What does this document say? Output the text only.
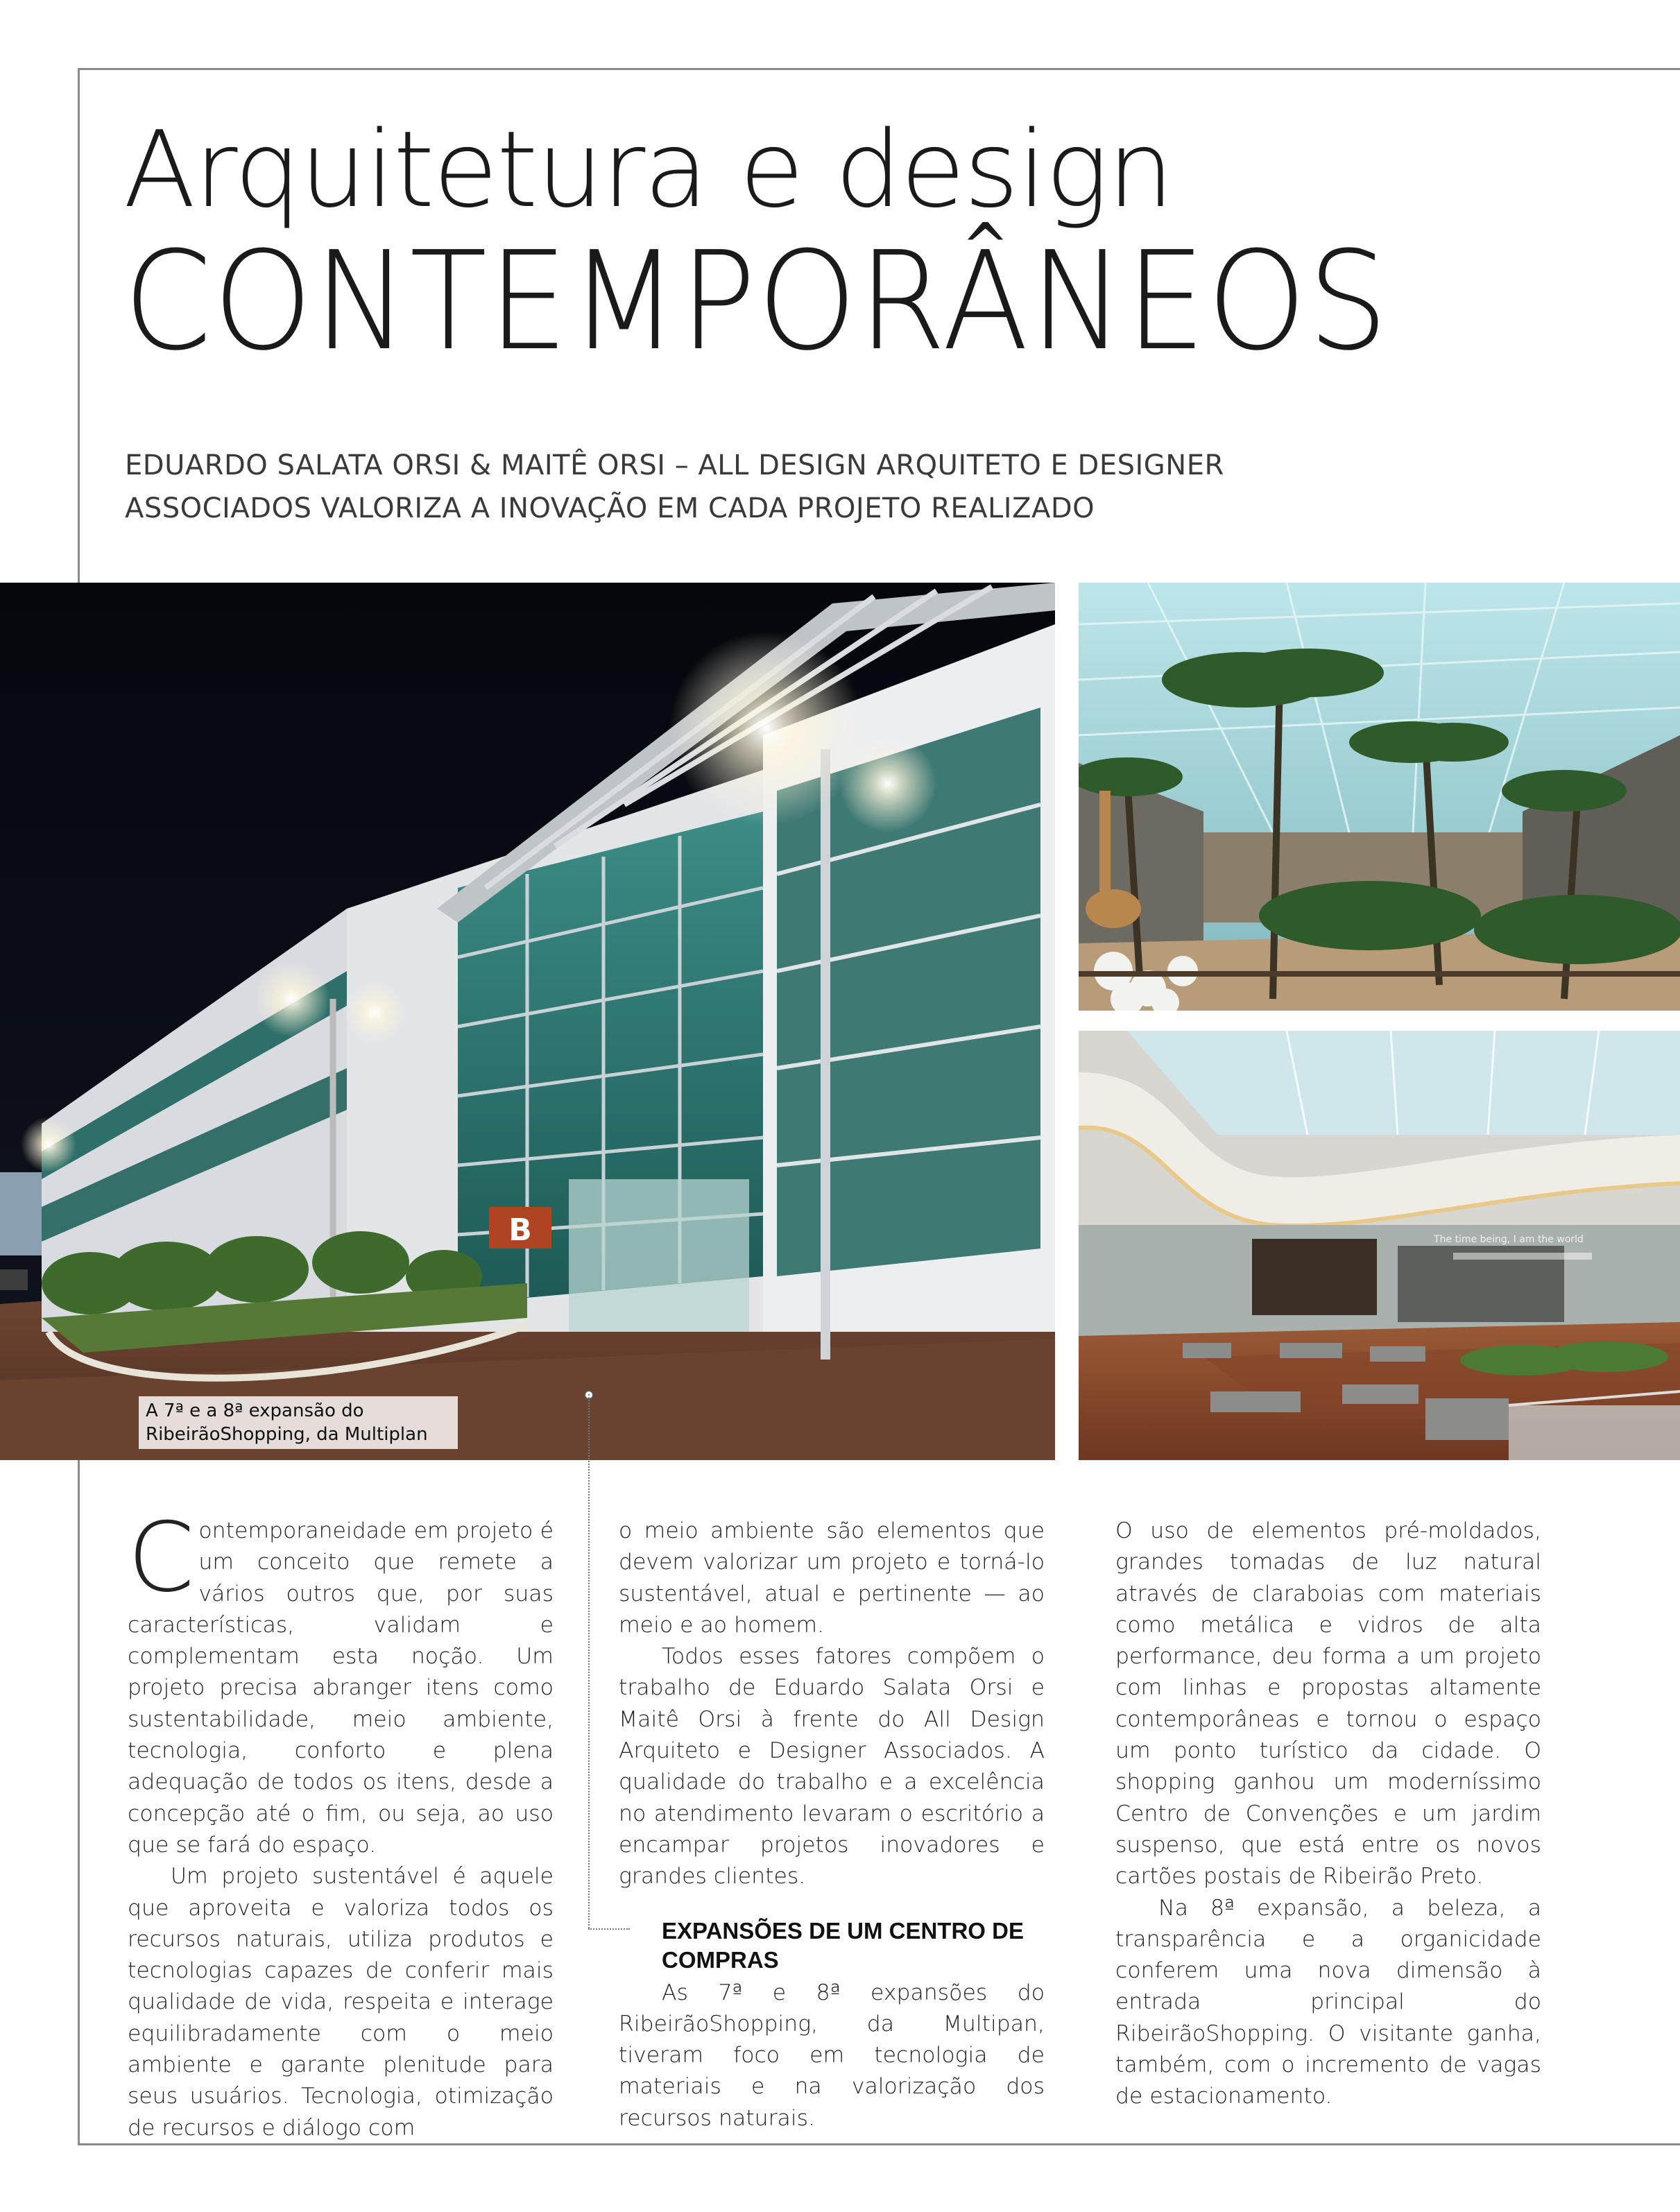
Arquitetura e design
CONTEMPORÂNEOS
EDUARDO SALATA ORSI & MAITÊ ORSI – ALL DESIGN ARQUITETO E DESIGNER
ASSOCIADOS VALORIZA A INOVAÇÃO EM CADA PROJETO REALIZADO
B	The time being, I am the world
A 7ª e a 8ª expansão do RibeirãoShopping, da Multiplan

Contemporaneidade em projeto é um conceito que remete a vários outros que, por suas características, validam e complementam esta noção. Um projeto precisa abranger itens como sustentabilidade, meio ambiente, tecnologia, conforto e plena adequação de todos os itens, desde a concepção até o fim, ou seja, ao uso que se fará do espaço.

Um projeto sustentável é aquele que aproveita e valoriza todos os recursos naturais, utiliza produtos e tecnologias capazes de conferir mais qualidade de vida, respeita e interage equilibradamente com o meio ambiente e garante plenitude para seus usuários. Tecnologia, otimização de recursos e diálogo com

o meio ambiente são elementos que devem valorizar um projeto e torná-lo sustentável, atual e pertinente — ao meio e ao homem.

Todos esses fatores compõem o trabalho de Eduardo Salata Orsi e Maitê Orsi à frente do All Design Arquiteto e Designer Associados. A qualidade do trabalho e a excelência no atendimento levaram o escritório a encampar projetos inovadores e grandes clientes.

EXPANSÕES DE UM CENTRO DE COMPRAS

As 7ª e 8ª expansões do RibeirãoShopping, da Multipan, tiveram foco em tecnologia de materiais e na valorização dos recursos naturais.

O uso de elementos pré-moldados, grandes tomadas de luz natural através de claraboias com materiais como metálica e vidros de alta performance, deu forma a um projeto com linhas e propostas altamente contemporâneas e tornou o espaço um ponto turístico da cidade. O shopping ganhou um moderníssimo Centro de Convenções e um jardim suspenso, que está entre os novos cartões postais de Ribeirão Preto.

Na 8ª expansão, a beleza, a transparência e a organicidade conferem uma nova dimensão à entrada principal do RibeirãoShopping. O visitante ganha, também, com o incremento de vagas de estacionamento.
